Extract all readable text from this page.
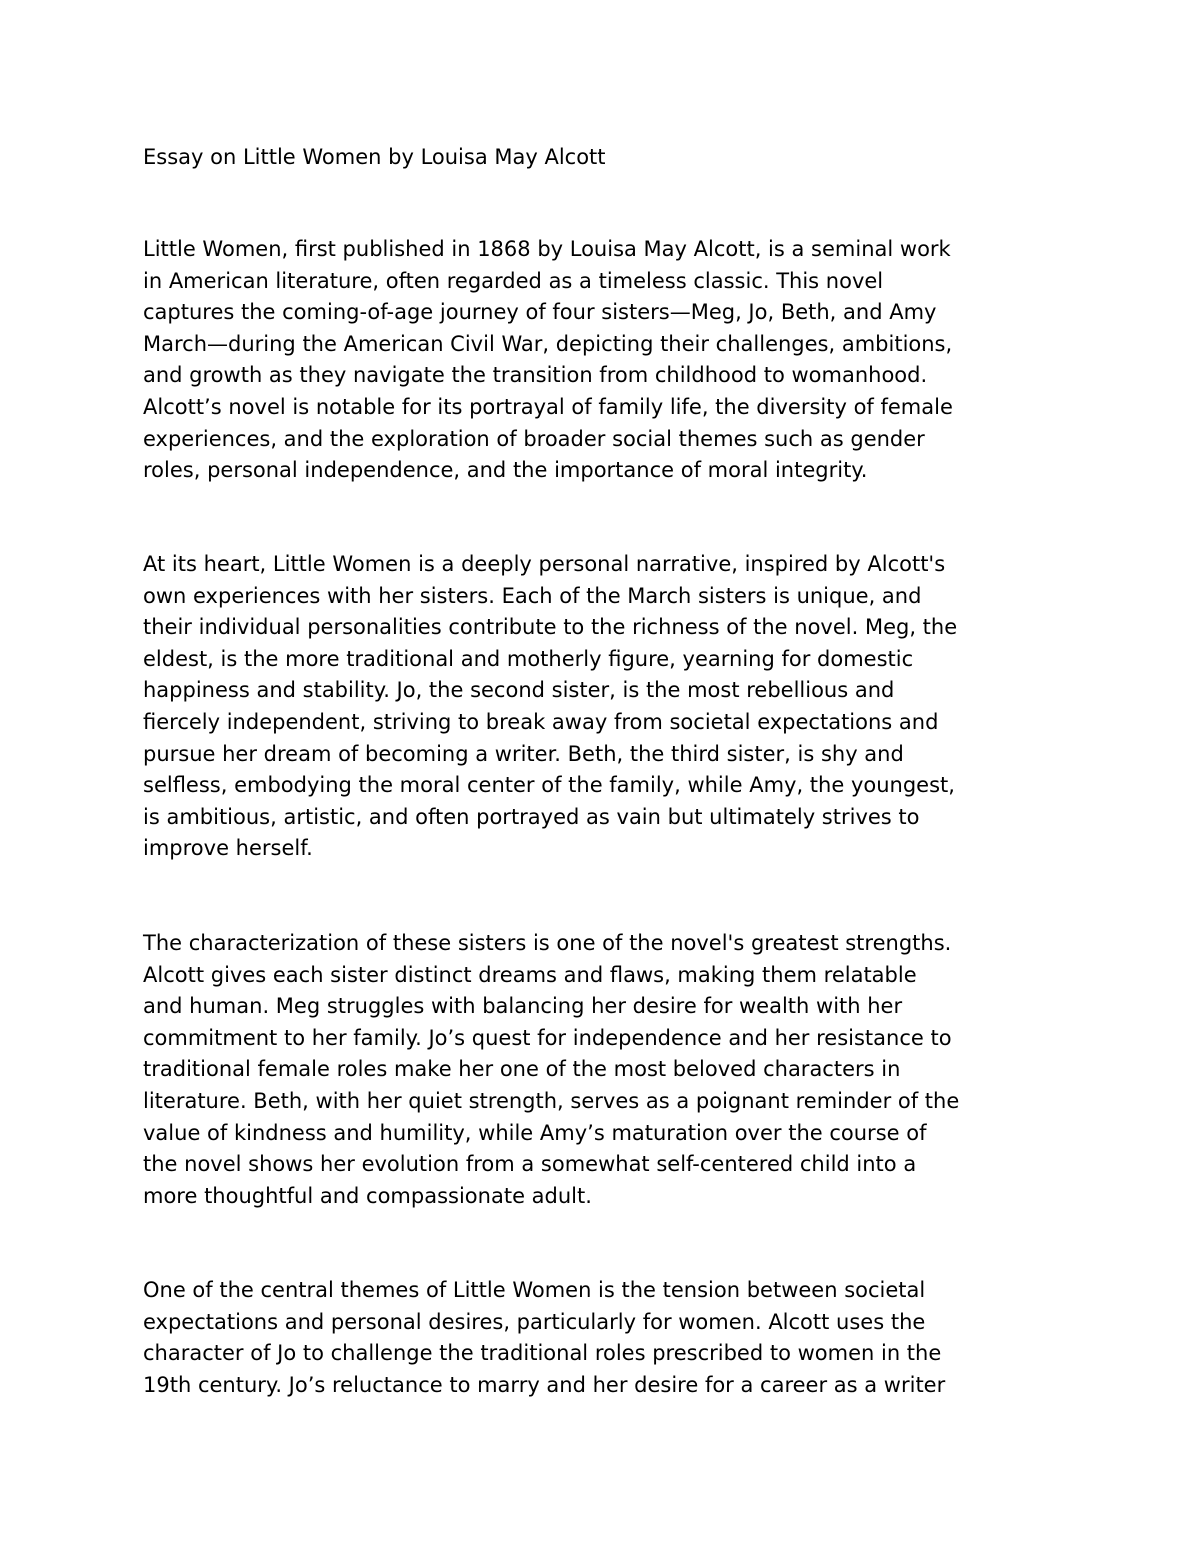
Essay on Little Women by Louisa May Alcott
Little Women, first published in 1868 by Louisa May Alcott, is a seminal work
in American literature, often regarded as a timeless classic. This novel
captures the coming-of-age journey of four sisters—Meg, Jo, Beth, and Amy
March—during the American Civil War, depicting their challenges, ambitions,
and growth as they navigate the transition from childhood to womanhood.
Alcott’s novel is notable for its portrayal of family life, the diversity of female
experiences, and the exploration of broader social themes such as gender
roles, personal independence, and the importance of moral integrity.
At its heart, Little Women is a deeply personal narrative, inspired by Alcott's
own experiences with her sisters. Each of the March sisters is unique, and
their individual personalities contribute to the richness of the novel. Meg, the
eldest, is the more traditional and motherly figure, yearning for domestic
happiness and stability. Jo, the second sister, is the most rebellious and
fiercely independent, striving to break away from societal expectations and
pursue her dream of becoming a writer. Beth, the third sister, is shy and
selfless, embodying the moral center of the family, while Amy, the youngest,
is ambitious, artistic, and often portrayed as vain but ultimately strives to
improve herself.
The characterization of these sisters is one of the novel's greatest strengths.
Alcott gives each sister distinct dreams and flaws, making them relatable
and human. Meg struggles with balancing her desire for wealth with her
commitment to her family. Jo’s quest for independence and her resistance to
traditional female roles make her one of the most beloved characters in
literature. Beth, with her quiet strength, serves as a poignant reminder of the
value of kindness and humility, while Amy’s maturation over the course of
the novel shows her evolution from a somewhat self-centered child into a
more thoughtful and compassionate adult.
One of the central themes of Little Women is the tension between societal
expectations and personal desires, particularly for women. Alcott uses the
character of Jo to challenge the traditional roles prescribed to women in the
19th century. Jo’s reluctance to marry and her desire for a career as a writer
